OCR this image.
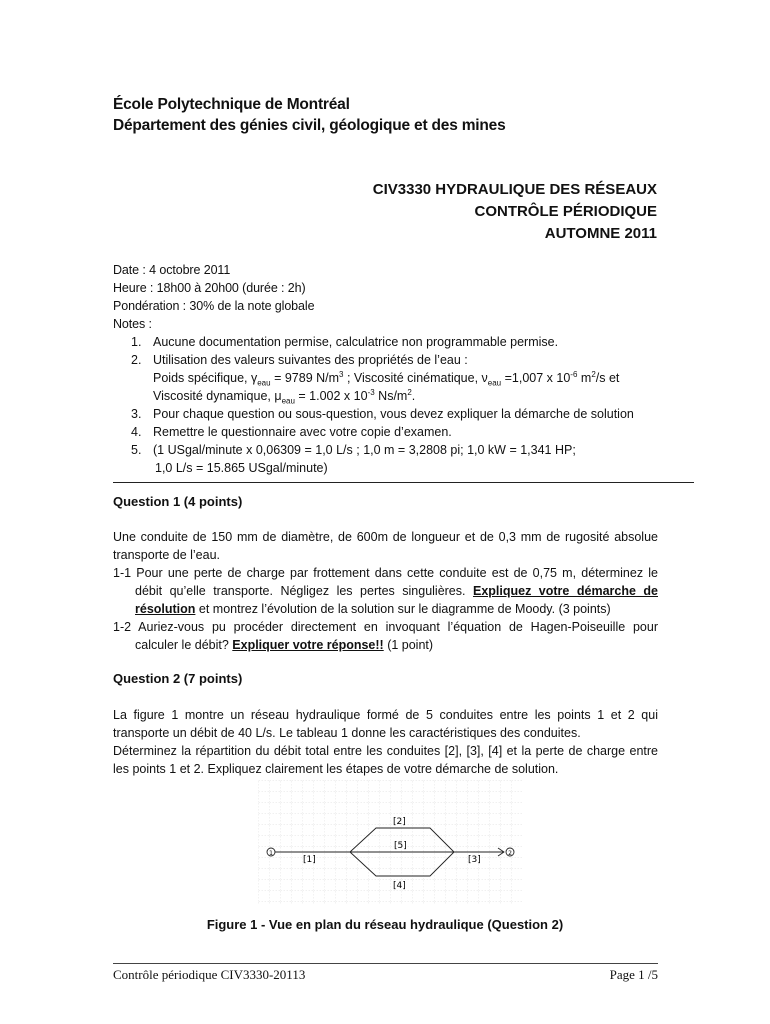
École Polytechnique de Montréal
Département des génies civil, géologique et des mines
CIV3330 HYDRAULIQUE DES RÉSEAUX
CONTRÔLE PÉRIODIQUE
AUTOMNE 2011
Date : 4 octobre 2011
Heure : 18h00 à 20h00 (durée : 2h)
Pondération : 30% de la note globale
Notes :
1. Aucune documentation permise, calculatrice non programmable permise.
2. Utilisation des valeurs suivantes des propriétés de l’eau :
Poids spécifique, $\gamma_{eau} = 9789$ $N/m^3$ ; Viscosité cinématique, $\nu_{eau} =1,007$ x $10^{-6}$ $m^2/s$ et
Viscosité dynamique, $\mu_{eau} = 1.002$ x $10^{-3}$ $Ns/m^2$.
3. Pour chaque question ou sous-question, vous devez expliquer la démarche de solution
4. Remettre le questionnaire avec votre copie d’examen.
5. (1 USgal/minute x 0,06309 = 1,0 L/s ; 1,0 m = 3,2808 pi; 1,0 kW = 1,341 HP;
1,0 L/s = 15.865 USgal/minute)
Question 1 (4 points)

Une conduite de 150 mm de diamètre, de 600m de longueur et de 0,3 mm de rugosité absolue transporte de l’eau.

1-1 Pour une perte de charge par frottement dans cette conduite est de 0,75 m, déterminez le débit qu’elle transporte. Négligez les pertes singulières. Expliquez votre démarche de résolution et montrez l’évolution de la solution sur le diagramme de Moody. (3 points)

1-2 Auriez-vous pu procéder directement en invoquant l’équation de Hagen-Poiseuille pour calculer le débit? Expliquer votre réponse!! (1 point)

Question 2 (7 points)

La figure 1 montre un réseau hydraulique formé de 5 conduites entre les points 1 et 2 qui transporte un débit de 40 L/s. Le tableau 1 donne les caractéristiques des conduites.

Déterminez la répartition du débit total entre les conduites [2], [3], [4] et la perte de charge entre les points 1 et 2. Expliquez clairement les étapes de votre démarche de solution.

1
[1]
[2]
[5]
[4]
[3]
2
Figure 1 - Vue en plan du réseau hydraulique (Question 2)
Contrôle périodique CIV3330-20113	Page 1 /5
